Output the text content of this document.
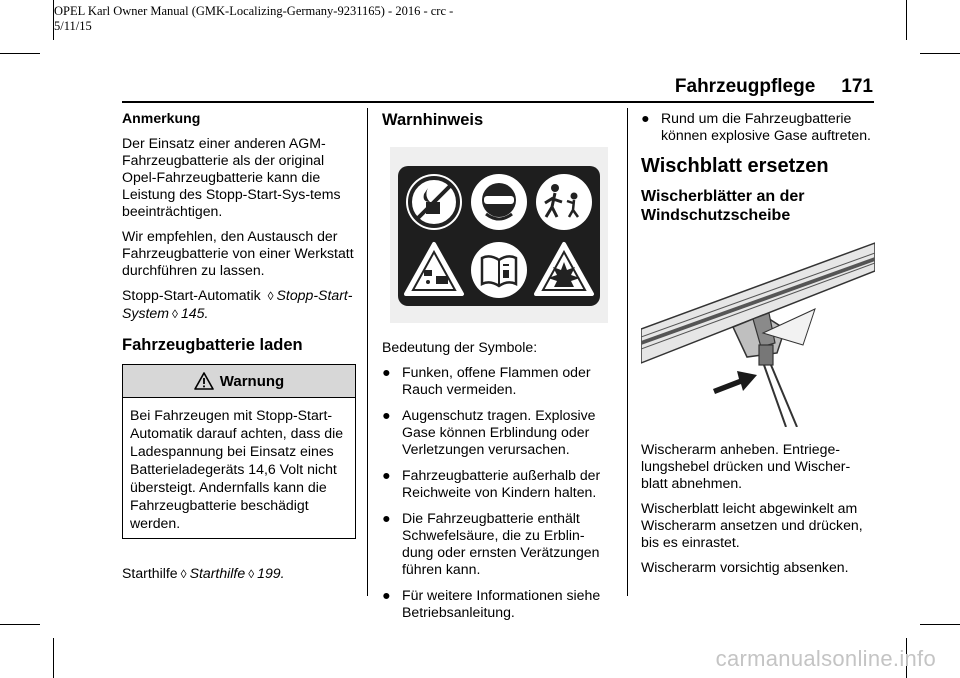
OPEL Karl Owner Manual (GMK-Localizing-Germany-9231165) - 2016 - crc -
5/11/15
Fahrzeugpflege 171

Anmerkung

Der Einsatz einer anderen AGM-Fahrzeugbatterie als der original Opel-Fahrzeugbatterie kann die Leistung des Stopp-Start-Sys-tems beeinträchtigen.

Wir empfehlen, den Austausch der Fahrzeugbatterie von einer Werkstatt durchführen zu lassen.

Stopp-Start-Automatik ◊ Stopp-Start-System ◊ 145.

Fahrzeugbatterie laden
Warnung
Bei Fahrzeugen mit Stopp-Start-Automatik darauf achten, dass die Ladespannung bei Einsatz eines Batterieladegeräts 14,6 Volt nicht übersteigt. Andernfalls kann die Fahrzeugbatterie beschädigt werden.

Starthilfe ◊ Starthilfe ◊ 199.

Warnhinweis

Bedeutung der Symbole:

● Funken, offene Flammen oder Rauch vermeiden.
● Augenschutz tragen. Explosive Gase können Erblindung oder Verletzungen verursachen.
● Fahrzeugbatterie außerhalb der Reichweite von Kindern halten.
● Die Fahrzeugbatterie enthält Schwefelsäure, die zu Erblin-dung oder ernsten Verätzungen führen kann.
● Für weitere Informationen siehe Betriebsanleitung.
● Rund um die Fahrzeugbatterie können explosive Gase auftreten.
Wischblatt ersetzen
Wischerblätter an der Windschutzscheibe

Wischerarm anheben. Entriege-lungshebel drücken und Wischer-blatt abnehmen.

Wischerblatt leicht abgewinkelt am Wischerarm ansetzen und drücken, bis es einrastet.

Wischerarm vorsichtig absenken.

carmanualsonline.info
